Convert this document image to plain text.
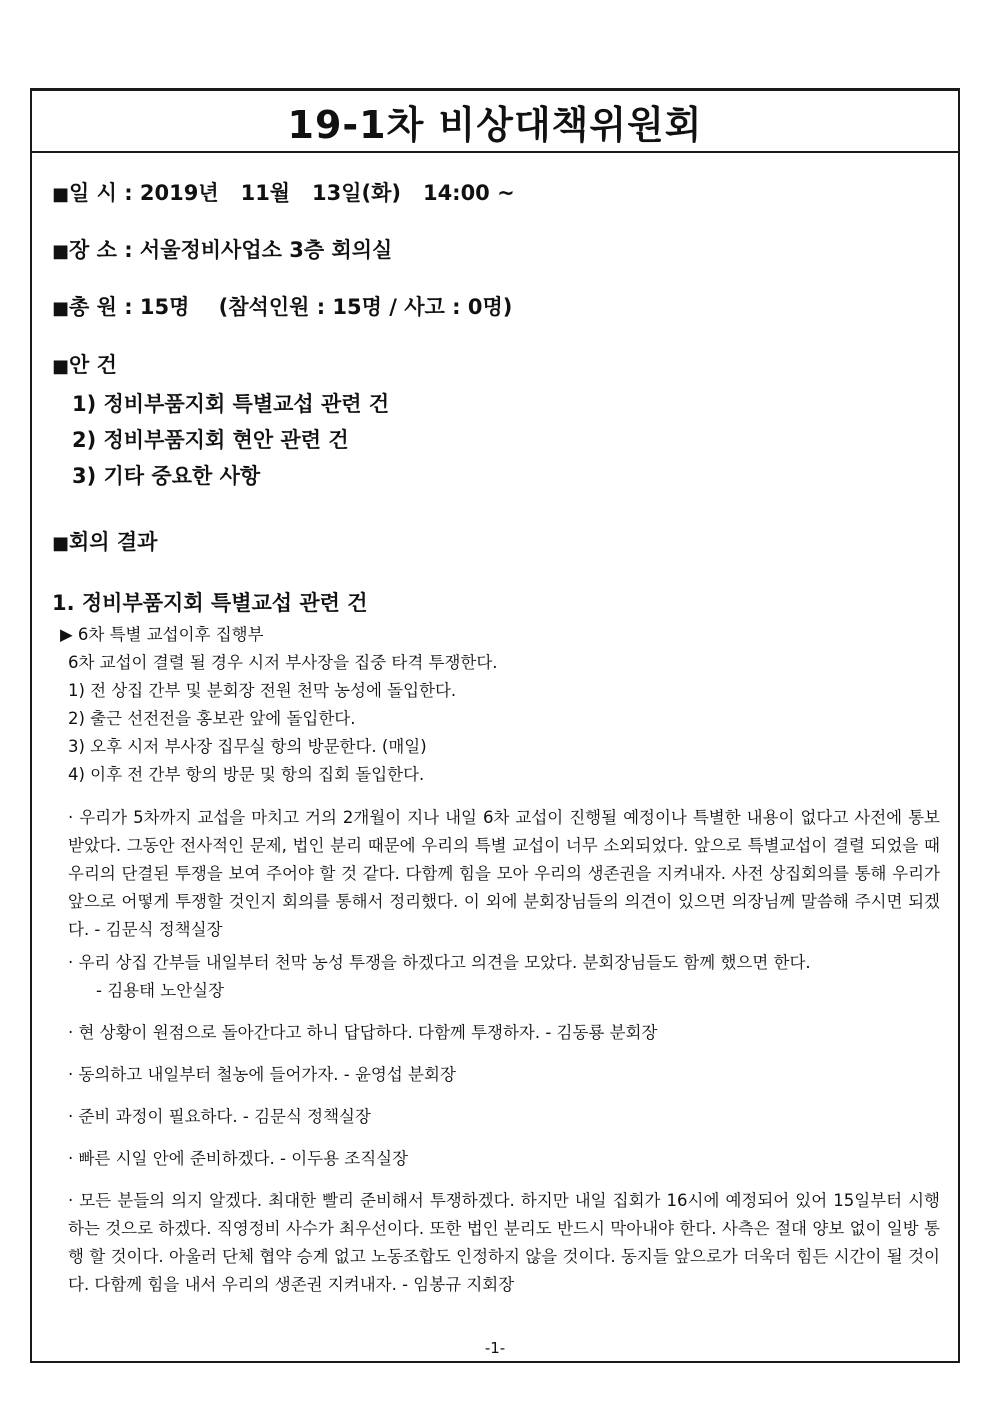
19-1차 비상대책위원회
■일 시 : 2019년   11월   13일(화)   14:00 ~
■장 소 : 서울정비사업소 3층 회의실
■총 원 : 15명    (참석인원 : 15명 / 사고 : 0명)
■안 건
1) 정비부품지회 특별교섭 관련 건
2) 정비부품지회 현안 관련 건
3) 기타 중요한 사항
■회의 결과
1. 정비부품지회 특별교섭 관련 건
▶ 6차 특별 교섭이후 집행부
6차 교섭이 결렬 될 경우 시저 부사장을 집중 타격 투쟁한다.
1) 전 상집 간부 및 분회장 전원 천막 농성에 돌입한다.
2) 출근 선전전을 홍보관 앞에 돌입한다.
3) 오후 시저 부사장 집무실 항의 방문한다. (매일)
4) 이후 전 간부 항의 방문 및 항의 집회 돌입한다.

· 우리가 5차까지 교섭을 마치고 거의 2개월이 지나 내일 6차 교섭이 진행될 예정이나 특별한 내용이 없다고 사전에 통보 받았다. 그동안 전사적인 문제, 법인 분리 때문에 우리의 특별 교섭이 너무 소외되었다. 앞으로 특별교섭이 결렬 되었을 때 우리의 단결된 투쟁을 보여 주어야 할 것 같다. 다함께 힘을 모아 우리의 생존권을 지켜내자. 사전 상집회의를 통해 우리가 앞으로 어떻게 투쟁할 것인지 회의를 통해서 정리했다. 이 외에 분회장님들의 의견이 있으면 의장님께 말씀해 주시면 되겠다. - 김문식 정책실장

· 우리 상집 간부들 내일부터 천막 농성 투쟁을 하겠다고 의견을 모았다. 분회장님들도 함께 했으면 한다.

- 김용태 노안실장

· 현 상황이 원점으로 돌아간다고 하니 답답하다. 다함께 투쟁하자. - 김동룡 분회장

· 동의하고 내일부터 철농에 들어가자. - 윤영섭 분회장

· 준비 과정이 필요하다. - 김문식 정책실장

· 빠른 시일 안에 준비하겠다. - 이두용 조직실장

· 모든 분들의 의지 알겠다. 최대한 빨리 준비해서 투쟁하겠다. 하지만 내일 집회가 16시에 예정되어 있어 15일부터 시행하는 것으로 하겠다. 직영정비 사수가 최우선이다. 또한 법인 분리도 반드시 막아내야 한다. 사측은 절대 양보 없이 일방 통행 할 것이다. 아울러 단체 협약 승계 없고 노동조합도 인정하지 않을 것이다. 동지들 앞으로가 더욱더 힘든 시간이 될 것이다. 다함께 힘을 내서 우리의 생존권 지켜내자. - 임봉규 지회장

-1-
